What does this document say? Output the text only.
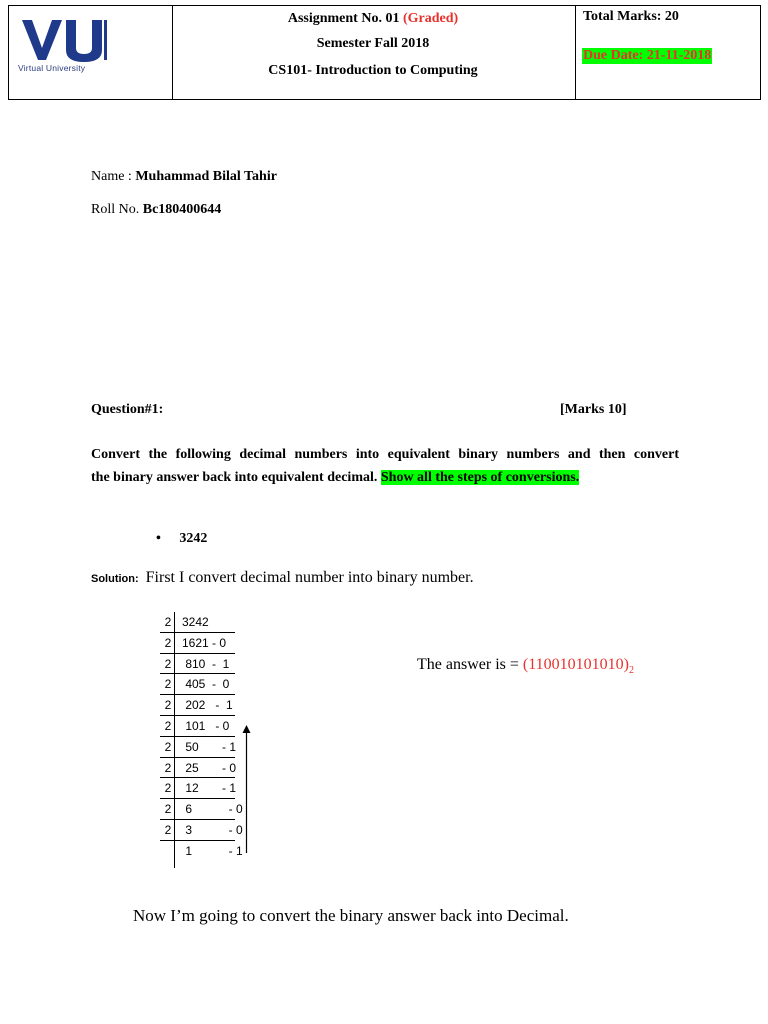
Virtual University
Assignment No. 01 (Graded)
Semester Fall 2018
CS101- Introduction to Computing
Total Marks: 20
Due Date: 21-11-2018
Name : Muhammad Bilal Tahir
Roll No. Bc180400644
Question#1:	[Marks 10]
Convert the following decimal numbers into equivalent binary numbers and then convert
the binary answer back into equivalent decimal. Show all the steps of conversions.
• 3242
Solution: First I convert decimal number into binary number.
2 3242
2 1621 - 0
2 810 -  1
2 405 -  0
2 202 -  1
2 101 - 0
2 50 - 1
2 25 - 0
2 12 - 1
2 6 - 0
2 3 - 0
1 - 1
The answer is = $(110010101010)_2$
Now I’m going to convert the binary answer back into Decimal.
